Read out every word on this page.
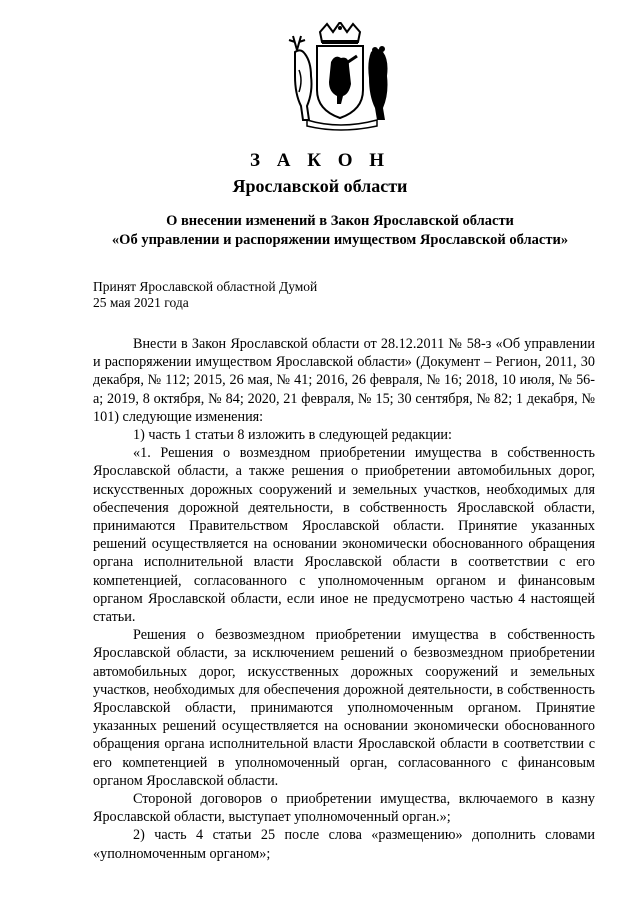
З А К О Н
Ярославской области
О внесении изменений в Закон Ярославской области
«Об управлении и распоряжении имуществом Ярославской области»
Принят Ярославской областной Думой
25 мая 2021 года

Внести в Закон Ярославской области от 28.12.2011 № 58-з «Об управлении и распоряжении имуществом Ярославской области» (Документ – Регион, 2011, 30 декабря, № 112; 2015, 26 мая, № 41; 2016, 26 февраля, № 16; 2018, 10 июля, № 56-а; 2019, 8 октября, № 84; 2020, 21 февраля, № 15; 30 сентября, № 82; 1 декабря, № 101) следующие изменения:

1) часть 1 статьи 8 изложить в следующей редакции:

«1. Решения о возмездном приобретении имущества в собственность Ярославской области, а также решения о приобретении автомобильных дорог, искусственных дорожных сооружений и земельных участков, необходимых для обеспечения дорожной деятельности, в собственность Ярославской области, принимаются Правительством Ярославской области. Принятие указанных решений осуществляется на основании экономически обоснованного обращения органа исполнительной власти Ярославской области в соответствии с его компетенцией, согласованного с уполномоченным органом и финансовым органом Ярославской области, если иное не предусмотрено частью 4 настоящей статьи.

Решения о безвозмездном приобретении имущества в собственность Ярославской области, за исключением решений о безвозмездном приобретении автомобильных дорог, искусственных дорожных сооружений и земельных участков, необходимых для обеспечения дорожной деятельности, в собственность Ярославской области, принимаются уполномоченным органом. Принятие указанных решений осуществляется на основании экономически обоснованного обращения органа исполнительной власти Ярославской области в соответствии с его компетенцией в уполномоченный орган, согласованного с финансовым органом Ярославской области.

Стороной договоров о приобретении имущества, включаемого в казну Ярославской области, выступает уполномоченный орган.»;

2) часть 4 статьи 25 после слова «размещению» дополнить словами «уполномоченным органом»;
